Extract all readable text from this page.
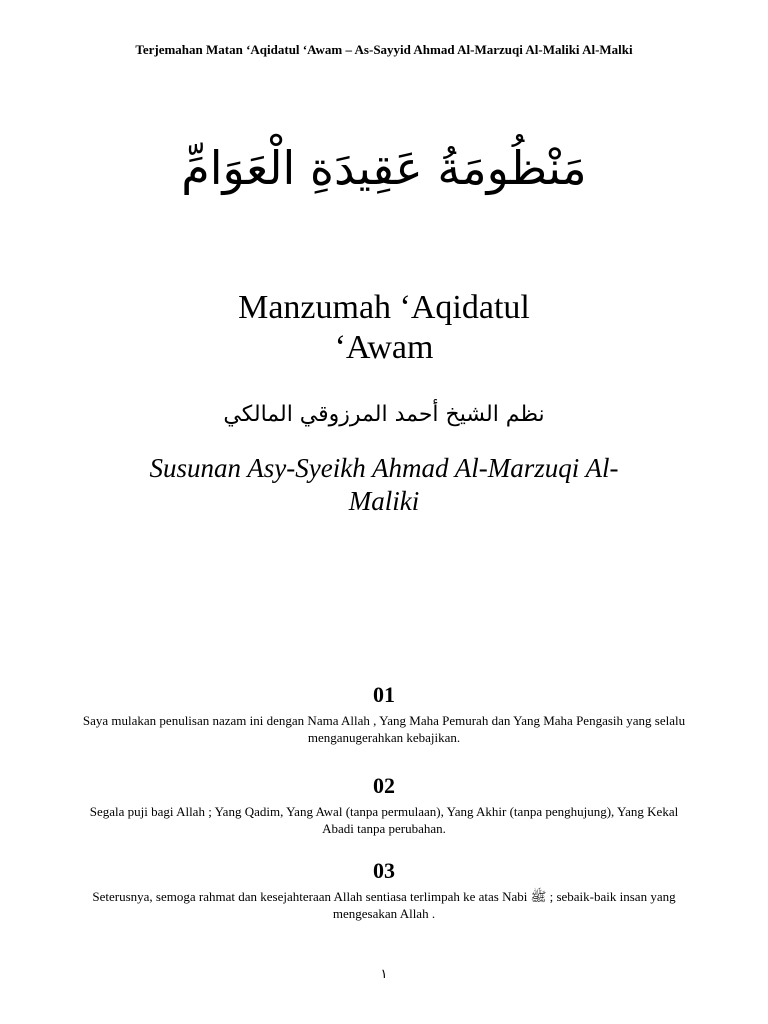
Terjemahan Matan ‘Aqidatul ‘Awam – As-Sayyid Ahmad Al-Marzuqi Al-Maliki Al-Malki
مَنْظُومَةُ عَقِيدَةِ الْعَوَامِّ
Manzumah ‘Aqidatul
‘Awam
نظم الشيخ أحمد المرزوقي المالكي
Susunan Asy-Syeikh Ahmad Al-Marzuqi Al-
Maliki
01
Saya mulakan penulisan nazam ini dengan Nama Allah , Yang Maha Pemurah dan Yang Maha Pengasih yang selalu menganugerahkan kebajikan.
02
Segala puji bagi Allah ; Yang Qadim, Yang Awal (tanpa permulaan), Yang Akhir (tanpa penghujung), Yang Kekal Abadi tanpa perubahan.
03
Seterusnya, semoga rahmat dan kesejahteraan Allah sentiasa terlimpah ke atas Nabi ﷺ ; sebaik-baik insan yang mengesakan Allah .
١
